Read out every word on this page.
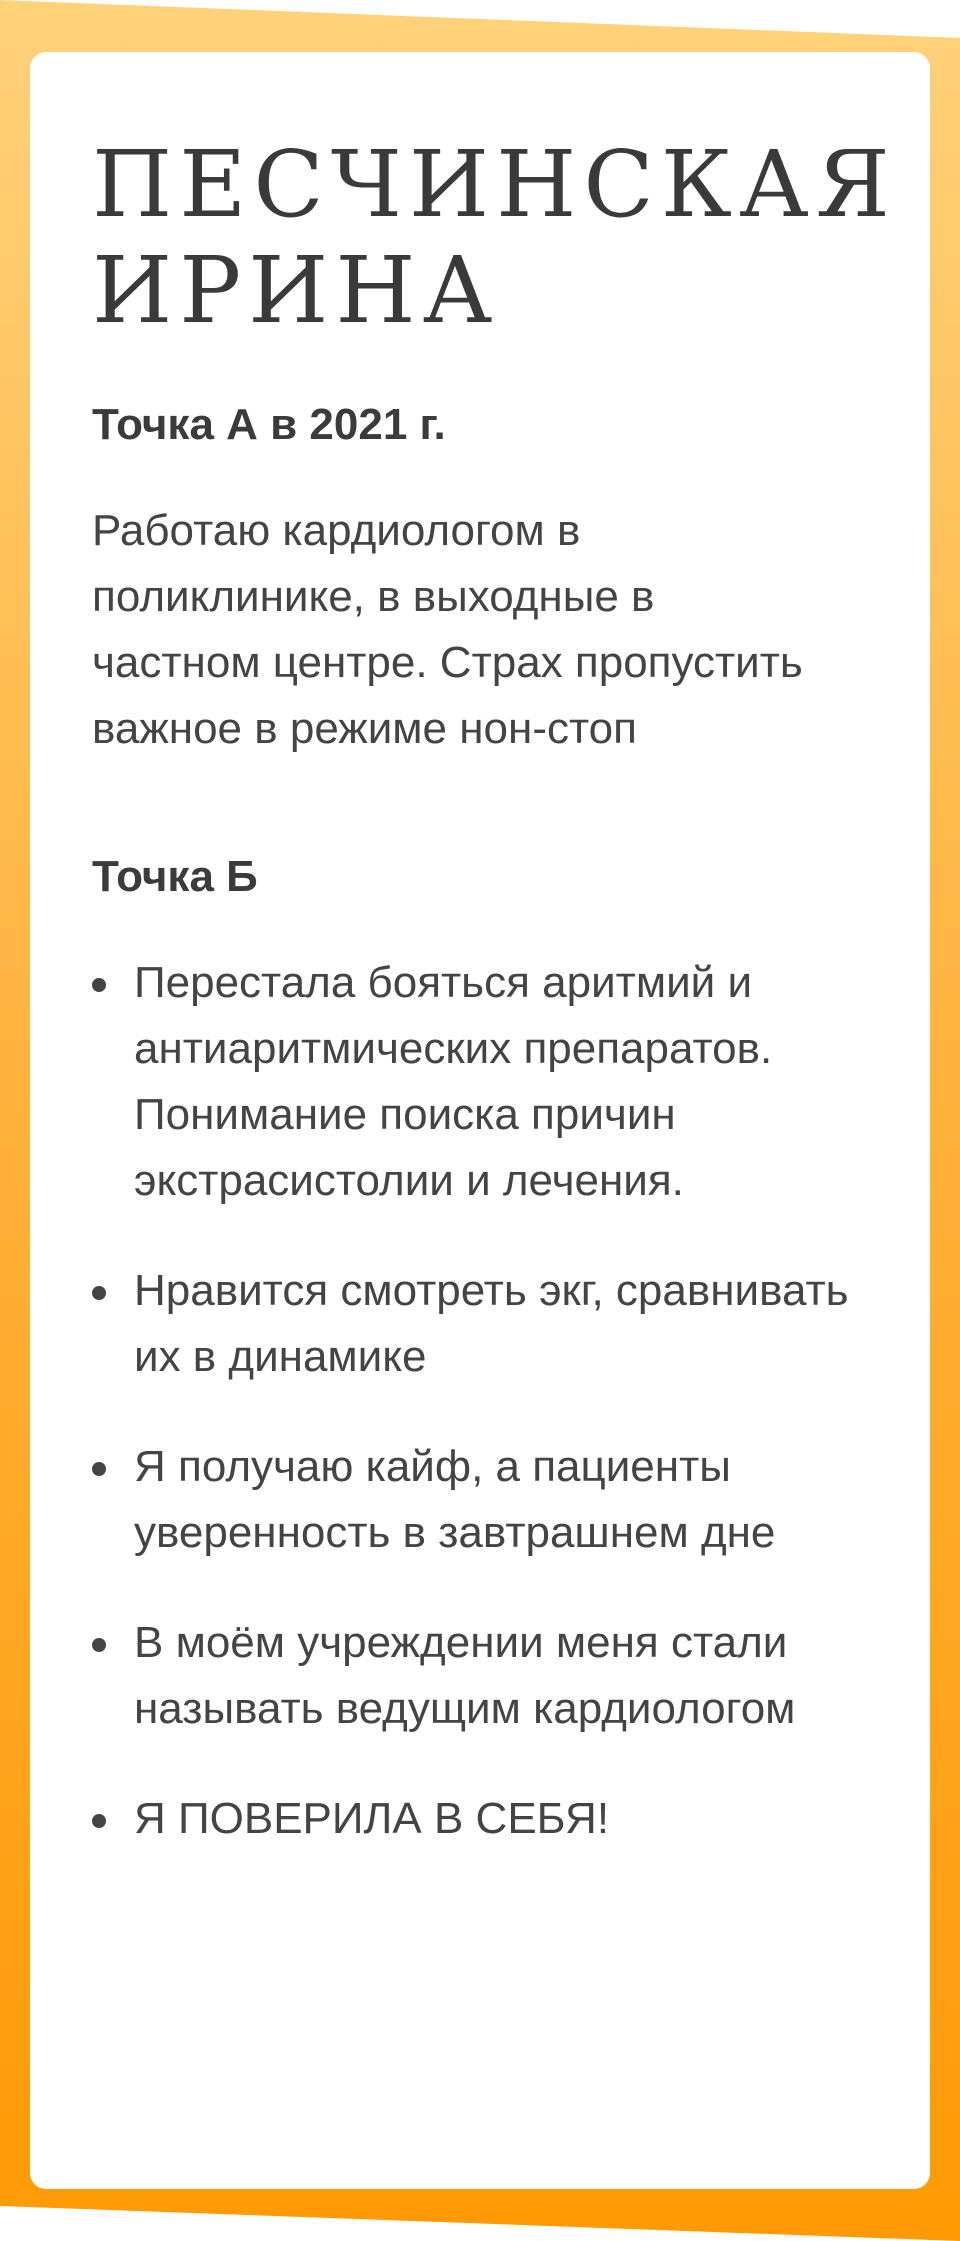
ПЕСЧИНСКАЯ ИРИНА
Точка А в 2021 г.

Работаю кардиологом в поликлинике, в выходные в частном центре. Страх пропустить важное в режиме нон-стоп

Точка Б
Перестала бояться аритмий и антиаритмических препаратов. Понимание поиска причин экстрасистолии и лечения.
Нравится смотреть экг, сравнивать их в динамике
Я получаю кайф, а пациенты уверенность в завтрашнем дне
В моём учреждении меня стали называть ведущим кардиологом
Я ПОВЕРИЛА В СЕБЯ!
